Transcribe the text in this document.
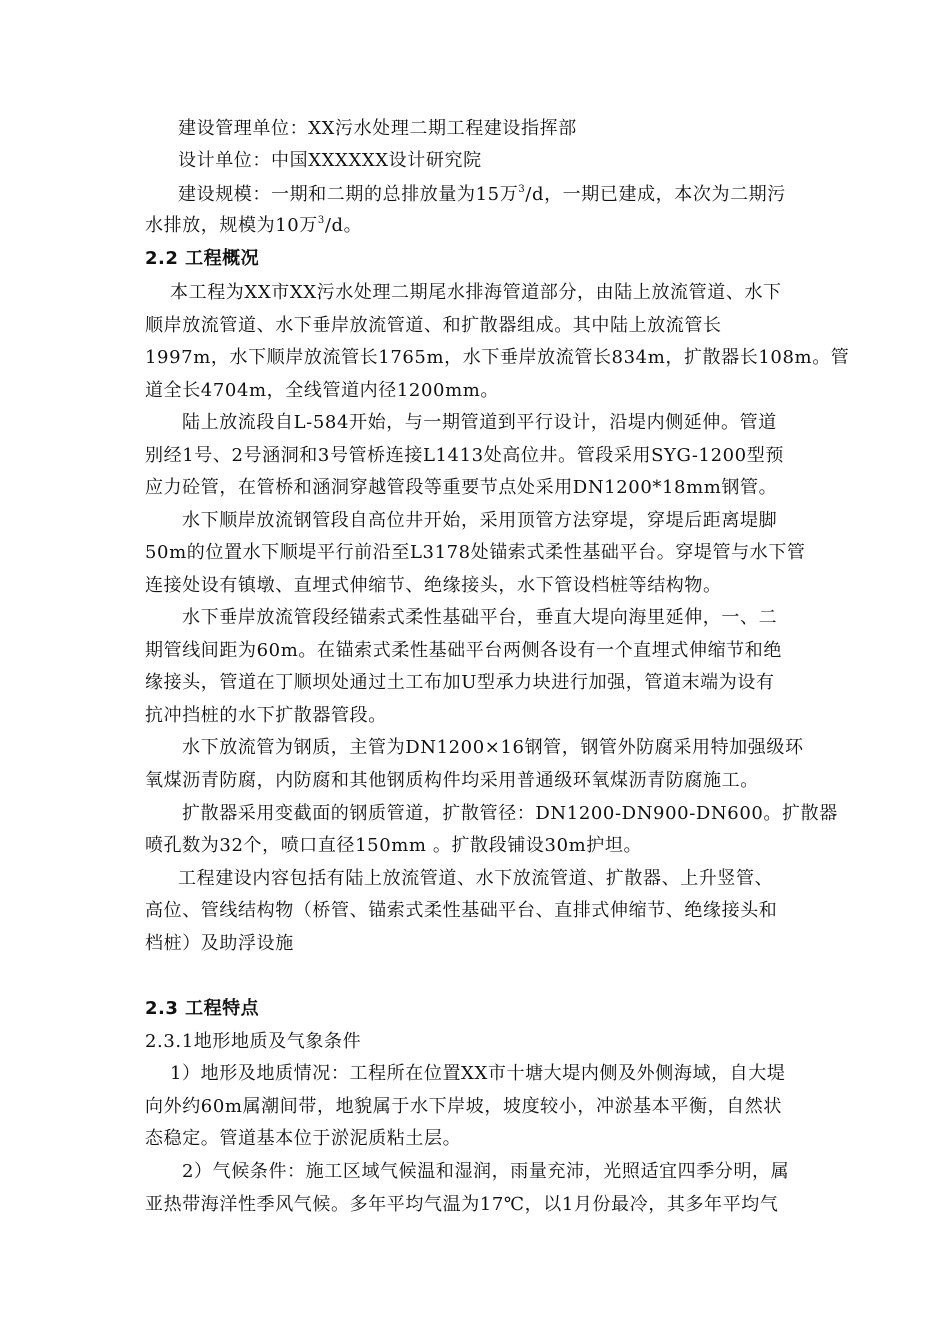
建设管理单位：XX污水处理二期工程建设指挥部
设计单位：中国XXXXXX设计研究院
建设规模：一期和二期的总排放量为15万$^3$/d，一期已建成，本次为二期污
水排放，规模为10万$^3$/d。
2.2 工程概况
本工程为XX市XX污水处理二期尾水排海管道部分，由陆上放流管道、水下
顺岸放流管道、水下垂岸放流管道、和扩散器组成。其中陆上放流管长
1997m，水下顺岸放流管长1765m，水下垂岸放流管长834m，扩散器长108m。管
道全长4704m，全线管道内径1200mm。
陆上放流段自L-584开始，与一期管道到平行设计，沿堤内侧延伸。管道
别经1号、2号涵洞和3号管桥连接L1413处高位井。管段采用SYG-1200型预
应力砼管，在管桥和涵洞穿越管段等重要节点处采用DN1200*18mm钢管。
水下顺岸放流钢管段自高位井开始，采用顶管方法穿堤，穿堤后距离堤脚
50m的位置水下顺堤平行前沿至L3178处锚索式柔性基础平台。穿堤管与水下管
连接处设有镇墩、直埋式伸缩节、绝缘接头，水下管设档桩等结构物。
水下垂岸放流管段经锚索式柔性基础平台，垂直大堤向海里延伸，一、二
期管线间距为60m。在锚索式柔性基础平台两侧各设有一个直埋式伸缩节和绝
缘接头，管道在丁顺坝处通过土工布加U型承力块进行加强，管道末端为设有
抗冲挡桩的水下扩散器管段。
水下放流管为钢质，主管为DN1200×16钢管，钢管外防腐采用特加强级环
氧煤沥青防腐，内防腐和其他钢质构件均采用普通级环氧煤沥青防腐施工。
扩散器采用变截面的钢质管道，扩散管径：DN1200-DN900-DN600。扩散器
喷孔数为32个，喷口直径150mm 。扩散段铺设30m护坦。
工程建设内容包括有陆上放流管道、水下放流管道、扩散器、上升竖管、
高位、管线结构物（桥管、锚索式柔性基础平台、直排式伸缩节、绝缘接头和
档桩）及助浮设施
2.3 工程特点
2.3.1地形地质及气象条件
1）地形及地质情况：工程所在位置XX市十塘大堤内侧及外侧海域，自大堤
向外约60m属潮间带，地貌属于水下岸坡，坡度较小，冲淤基本平衡，自然状
态稳定。管道基本位于淤泥质粘土层。
2）气候条件：施工区域气候温和湿润，雨量充沛，光照适宜四季分明，属
亚热带海洋性季风气候。多年平均气温为17℃，以1月份最冷，其多年平均气
